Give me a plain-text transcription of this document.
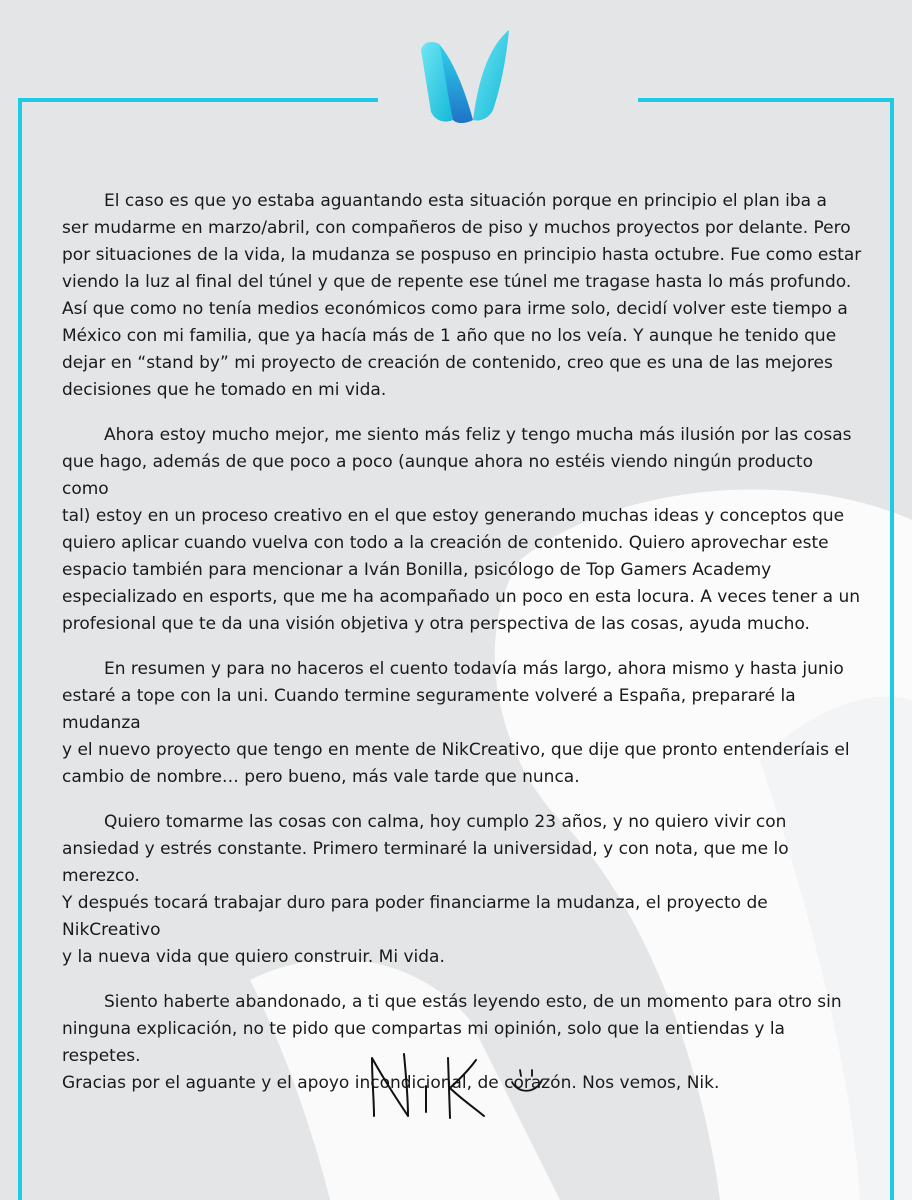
El caso es que yo estaba aguantando esta situación porque en principio el plan iba a
ser mudarme en marzo/abril, con compañeros de piso y muchos proyectos por delante. Pero
por situaciones de la vida, la mudanza se pospuso en principio hasta octubre. Fue como estar
viendo la luz al final del túnel y que de repente ese túnel me tragase hasta lo más profundo.
Así que como no tenía medios económicos como para irme solo, decidí volver este tiempo a
México con mi familia, que ya hacía más de 1 año que no los veía. Y aunque he tenido que
dejar en “stand by” mi proyecto de creación de contenido, creo que es una de las mejores
decisiones que he tomado en mi vida.

Ahora estoy mucho mejor, me siento más feliz y tengo mucha más ilusión por las cosas
que hago, además de que poco a poco (aunque ahora no estéis viendo ningún producto como
tal) estoy en un proceso creativo en el que estoy generando muchas ideas y conceptos que
quiero aplicar cuando vuelva con todo a la creación de contenido. Quiero aprovechar este
espacio también para mencionar a Iván Bonilla, psicólogo de Top Gamers Academy
especializado en esports, que me ha acompañado un poco en esta locura. A veces tener a un
profesional que te da una visión objetiva y otra perspectiva de las cosas, ayuda mucho.

En resumen y para no haceros el cuento todavía más largo, ahora mismo y hasta junio
estaré a tope con la uni. Cuando termine seguramente volveré a España, prepararé la mudanza
y el nuevo proyecto que tengo en mente de NikCreativo, que dije que pronto entenderíais el
cambio de nombre… pero bueno, más vale tarde que nunca.

Quiero tomarme las cosas con calma, hoy cumplo 23 años, y no quiero vivir con
ansiedad y estrés constante. Primero terminaré la universidad, y con nota, que me lo merezco.
Y después tocará trabajar duro para poder financiarme la mudanza, el proyecto de NikCreativo
y la nueva vida que quiero construir. Mi vida.

Siento haberte abandonado, a ti que estás leyendo esto, de un momento para otro sin
ninguna explicación, no te pido que compartas mi opinión, solo que la entiendas y la respetes.
Gracias por el aguante y el apoyo incondicional, de corazón. Nos vemos, Nik.
